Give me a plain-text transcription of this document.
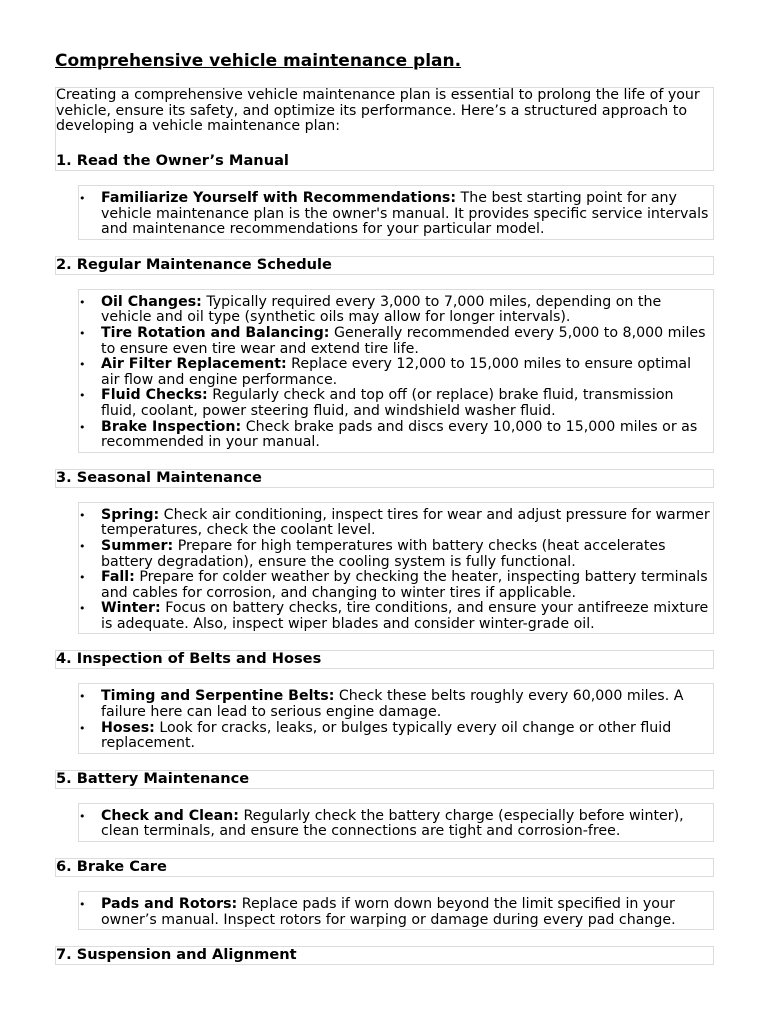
Comprehensive vehicle maintenance plan.

Creating a comprehensive vehicle maintenance plan is essential to prolong the life of your vehicle, ensure its safety, and optimize its performance. Here’s a structured approach to developing a vehicle maintenance plan:

1. Read the Owner’s Manual
• Familiarize Yourself with Recommendations: The best starting point for any vehicle maintenance plan is the owner's manual. It provides specific service intervals and maintenance recommendations for your particular model.
2. Regular Maintenance Schedule
• Oil Changes: Typically required every 3,000 to 7,000 miles, depending on the vehicle and oil type (synthetic oils may allow for longer intervals).
• Tire Rotation and Balancing: Generally recommended every 5,000 to 8,000 miles to ensure even tire wear and extend tire life.
• Air Filter Replacement: Replace every 12,000 to 15,000 miles to ensure optimal air flow and engine performance.
• Fluid Checks: Regularly check and top off (or replace) brake fluid, transmission fluid, coolant, power steering fluid, and windshield washer fluid.
• Brake Inspection: Check brake pads and discs every 10,000 to 15,000 miles or as recommended in your manual.
3. Seasonal Maintenance
• Spring: Check air conditioning, inspect tires for wear and adjust pressure for warmer temperatures, check the coolant level.
• Summer: Prepare for high temperatures with battery checks (heat accelerates battery degradation), ensure the cooling system is fully functional.
• Fall: Prepare for colder weather by checking the heater, inspecting battery terminals and cables for corrosion, and changing to winter tires if applicable.
• Winter: Focus on battery checks, tire conditions, and ensure your antifreeze mixture is adequate. Also, inspect wiper blades and consider winter-grade oil.
4. Inspection of Belts and Hoses
• Timing and Serpentine Belts: Check these belts roughly every 60,000 miles. A failure here can lead to serious engine damage.
• Hoses: Look for cracks, leaks, or bulges typically every oil change or other fluid replacement.
5. Battery Maintenance
• Check and Clean: Regularly check the battery charge (especially before winter), clean terminals, and ensure the connections are tight and corrosion-free.
6. Brake Care
• Pads and Rotors: Replace pads if worn down beyond the limit specified in your owner’s manual. Inspect rotors for warping or damage during every pad change.
7. Suspension and Alignment
